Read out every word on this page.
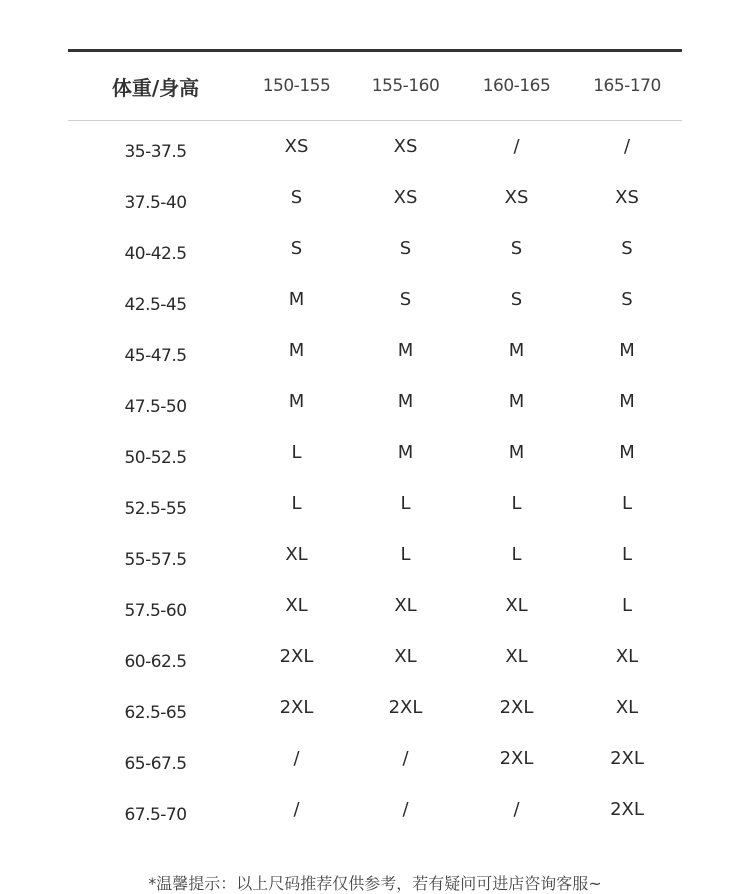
体重/身高	150-155	155-160	160-165	165-170
35-37.5	XS	XS	/	/
37.5-40	S	XS	XS	XS
40-42.5	S	S	S	S
42.5-45	M	S	S	S
45-47.5	M	M	M	M
47.5-50	M	M	M	M
50-52.5	L	M	M	M
52.5-55	L	L	L	L
55-57.5	XL	L	L	L
57.5-60	XL	XL	XL	L
60-62.5	2XL	XL	XL	XL
62.5-65	2XL	2XL	2XL	XL
65-67.5	/	/	2XL	2XL
67.5-70	/	/	/	2XL
*温馨提示：以上尺码推荐仅供参考，若有疑问可进店咨询客服~
